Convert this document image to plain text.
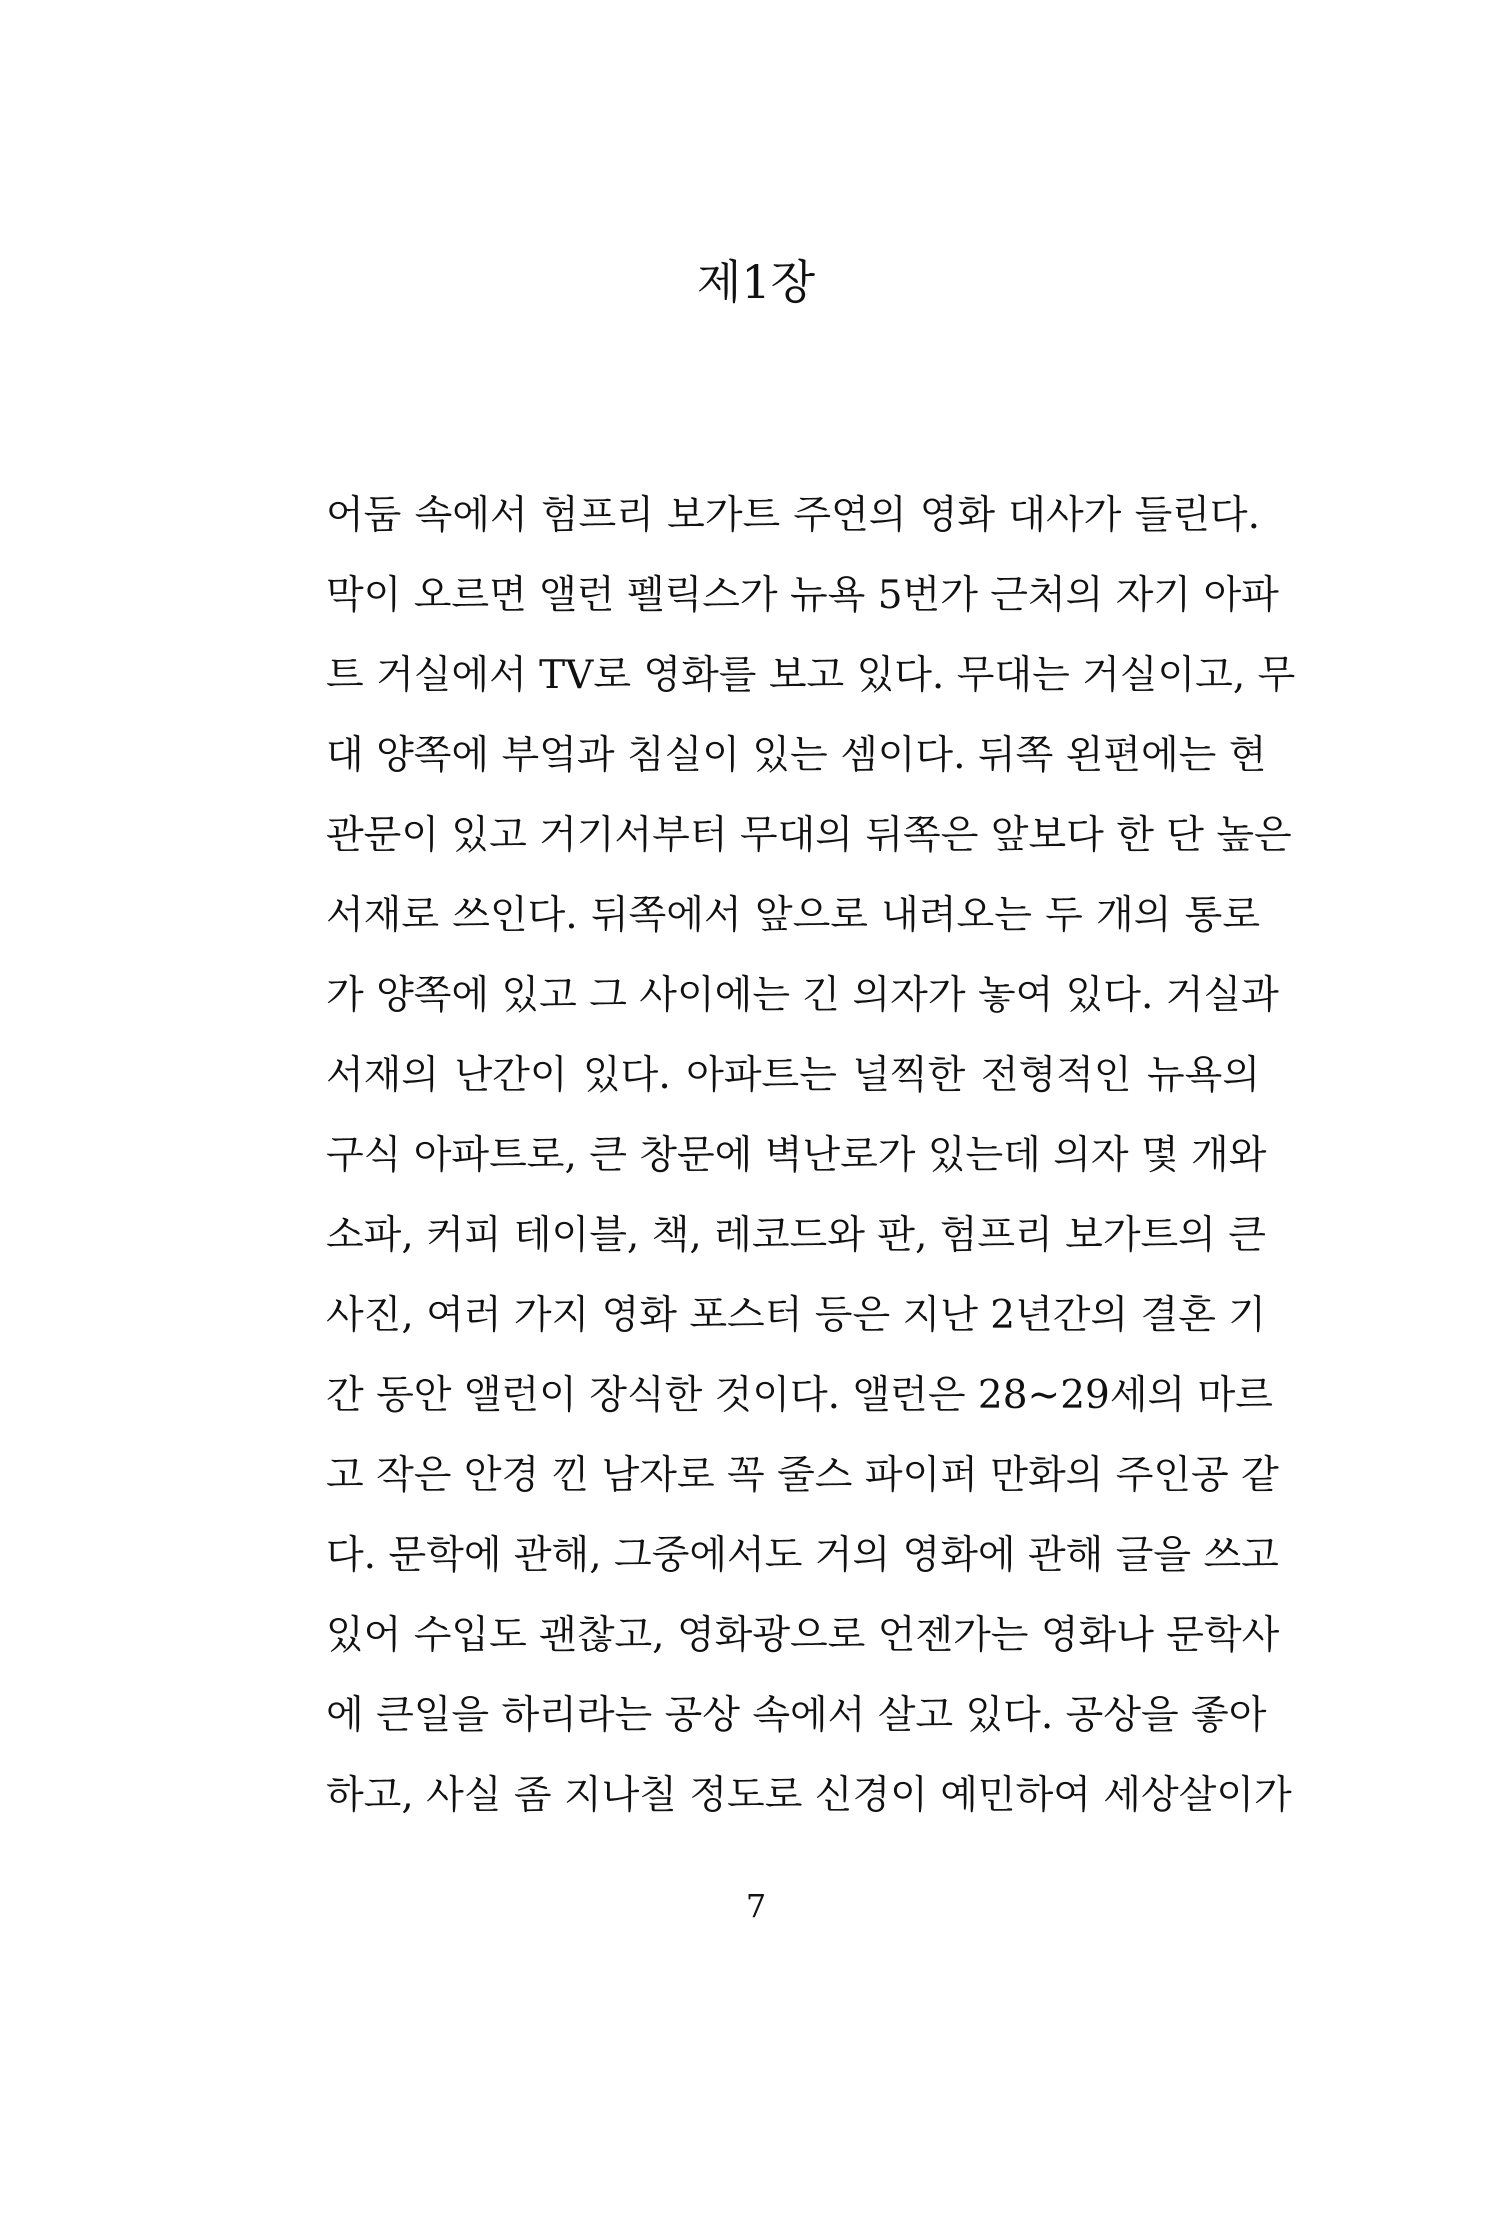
제1장
어둠 속에서 험프리 보가트 주연의 영화 대사가 들린다.
막이 오르면 앨런 펠릭스가 뉴욕 5번가 근처의 자기 아파
트 거실에서 TV로 영화를 보고 있다. 무대는 거실이고, 무
대 양쪽에 부엌과 침실이 있는 셈이다. 뒤쪽 왼편에는 현
관문이 있고 거기서부터 무대의 뒤쪽은 앞보다 한 단 높은
서재로 쓰인다. 뒤쪽에서 앞으로 내려오는 두 개의 통로
가 양쪽에 있고 그 사이에는 긴 의자가 놓여 있다. 거실과
서재의 난간이 있다. 아파트는 널찍한 전형적인 뉴욕의
구식 아파트로, 큰 창문에 벽난로가 있는데 의자 몇 개와
소파, 커피 테이블, 책, 레코드와 판, 험프리 보가트의 큰
사진, 여러 가지 영화 포스터 등은 지난 2년간의 결혼 기
간 동안 앨런이 장식한 것이다. 앨런은 28~29세의 마르
고 작은 안경 낀 남자로 꼭 줄스 파이퍼 만화의 주인공 같
다. 문학에 관해, 그중에서도 거의 영화에 관해 글을 쓰고
있어 수입도 괜찮고, 영화광으로 언젠가는 영화나 문학사
에 큰일을 하리라는 공상 속에서 살고 있다. 공상을 좋아
하고, 사실 좀 지나칠 정도로 신경이 예민하여 세상살이가
7
